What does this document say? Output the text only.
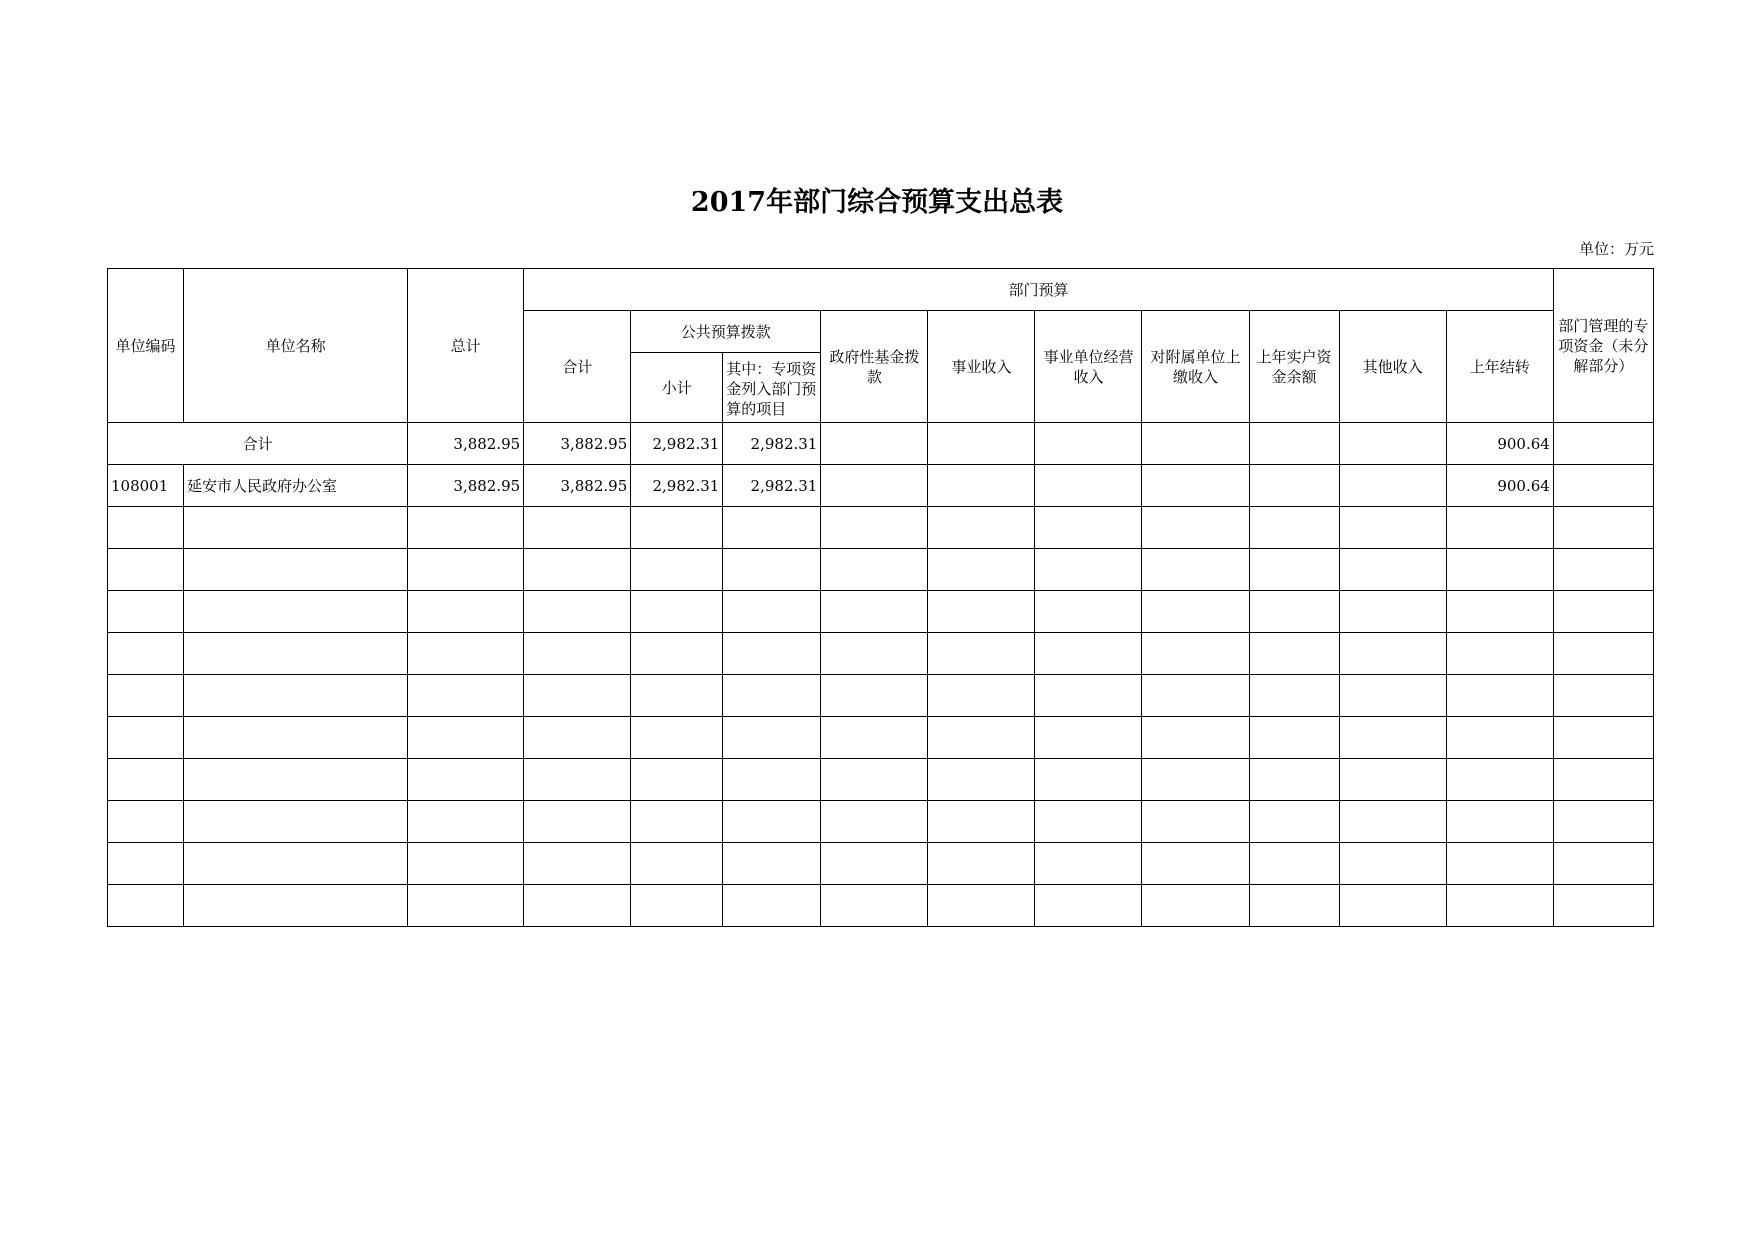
2017年部门综合预算支出总表
单位：万元
单位编码	单位名称	总计	部门预算										部门管理的专项资金（未分解部分）
			合计	公共预算拨款		政府性基金拨款	事业收入	事业单位经营收入	对附属单位上缴收入	上年实户资金余额	其他收入	上年结转	
				小计	其中：专项资金列入部门预算的项目								

合计		3,882.95	3,882.95	2,982.31	2,982.31							900.64	
108001	延安市人民政府办公室	3,882.95	3,882.95	2,982.31	2,982.31							900.64	
